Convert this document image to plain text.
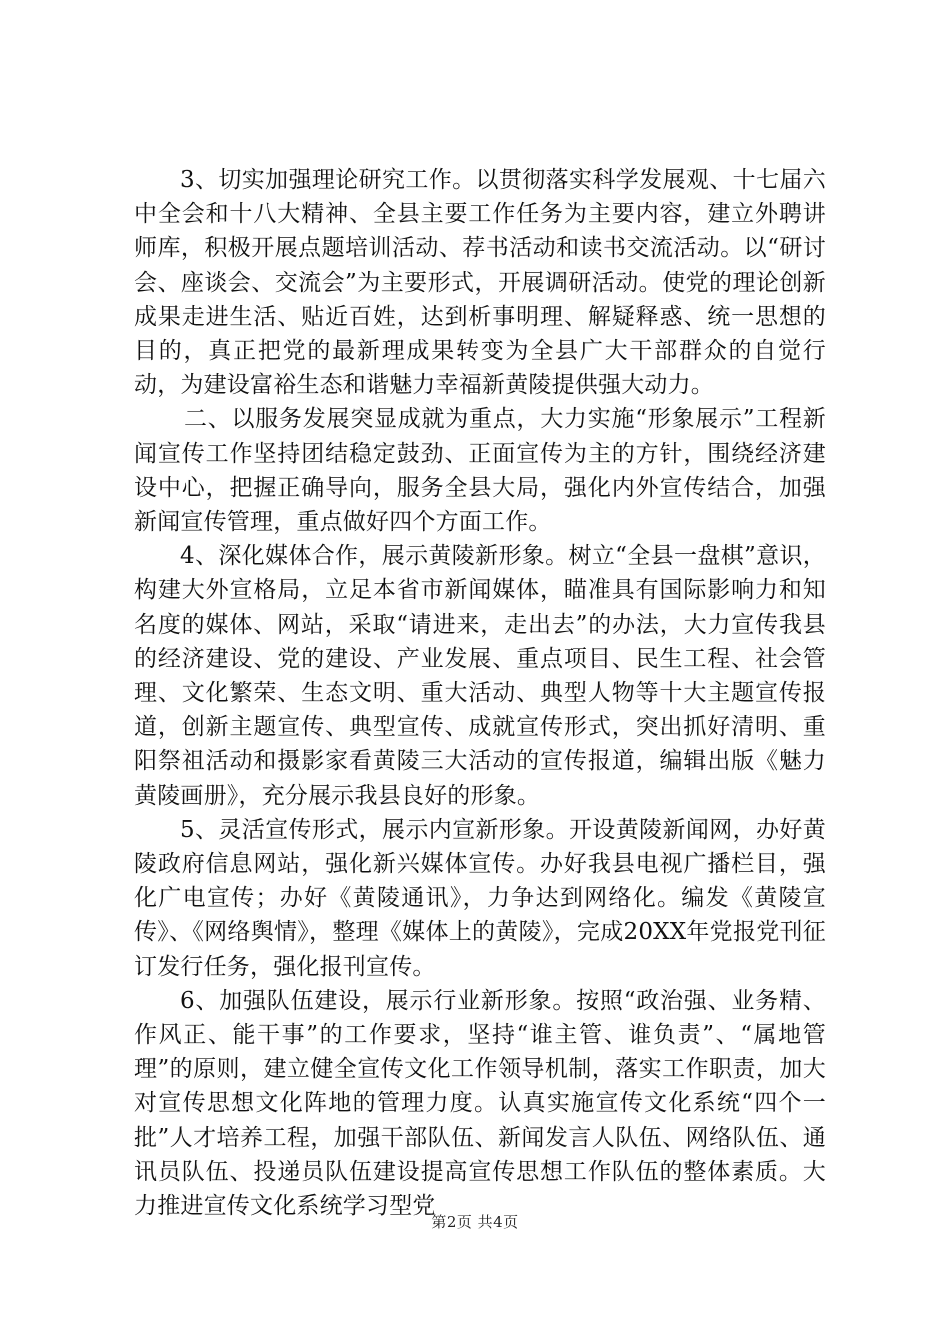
3、切实加强理论研究工作。以贯彻落实科学发展观、十七届六中全会和十八大精神、全县主要工作任务为主要内容，建立外聘讲师库，积极开展点题培训活动、荐书活动和读书交流活动。以“研讨会、座谈会、交流会”为主要形式，开展调研活动。使党的理论创新成果走进生活、贴近百姓，达到析事明理、解疑释惑、统一思想的目的，真正把党的最新理成果转变为全县广大干部群众的自觉行动，为建设富裕生态和谐魅力幸福新黄陵提供强大动力。

二、以服务发展突显成就为重点，大力实施“形象展示”工程新闻宣传工作坚持团结稳定鼓劲、正面宣传为主的方针，围绕经济建设中心，把握正确导向，服务全县大局，强化内外宣传结合，加强新闻宣传管理，重点做好四个方面工作。

4、深化媒体合作，展示黄陵新形象。树立“全县一盘棋”意识，构建大外宣格局，立足本省市新闻媒体，瞄准具有国际影响力和知名度的媒体、网站，采取“请进来，走出去”的办法，大力宣传我县的经济建设、党的建设、产业发展、重点项目、民生工程、社会管理、文化繁荣、生态文明、重大活动、典型人物等十大主题宣传报道，创新主题宣传、典型宣传、成就宣传形式，突出抓好清明、重阳祭祖活动和摄影家看黄陵三大活动的宣传报道，编辑出版《魅力黄陵画册》，充分展示我县良好的形象。

5、灵活宣传形式，展示内宣新形象。开设黄陵新闻网，办好黄陵政府信息网站，强化新兴媒体宣传。办好我县电视广播栏目，强化广电宣传；办好《黄陵通讯》，力争达到网络化。编发《黄陵宣传》、《网络舆情》，整理《媒体上的黄陵》，完成20XX年党报党刊征订发行任务，强化报刊宣传。

6、加强队伍建设，展示行业新形象。按照“政治强、业务精、作风正、能干事”的工作要求，坚持“谁主管、谁负责”、“属地管理”的原则，建立健全宣传文化工作领导机制，落实工作职责，加大对宣传思想文化阵地的管理力度。认真实施宣传文化系统“四个一批”人才培养工程，加强干部队伍、新闻发言人队伍、网络队伍、通讯员队伍、投递员队伍建设提高宣传思想工作队伍的整体素质。大力推进宣传文化系统学习型党

第2页 共4页
